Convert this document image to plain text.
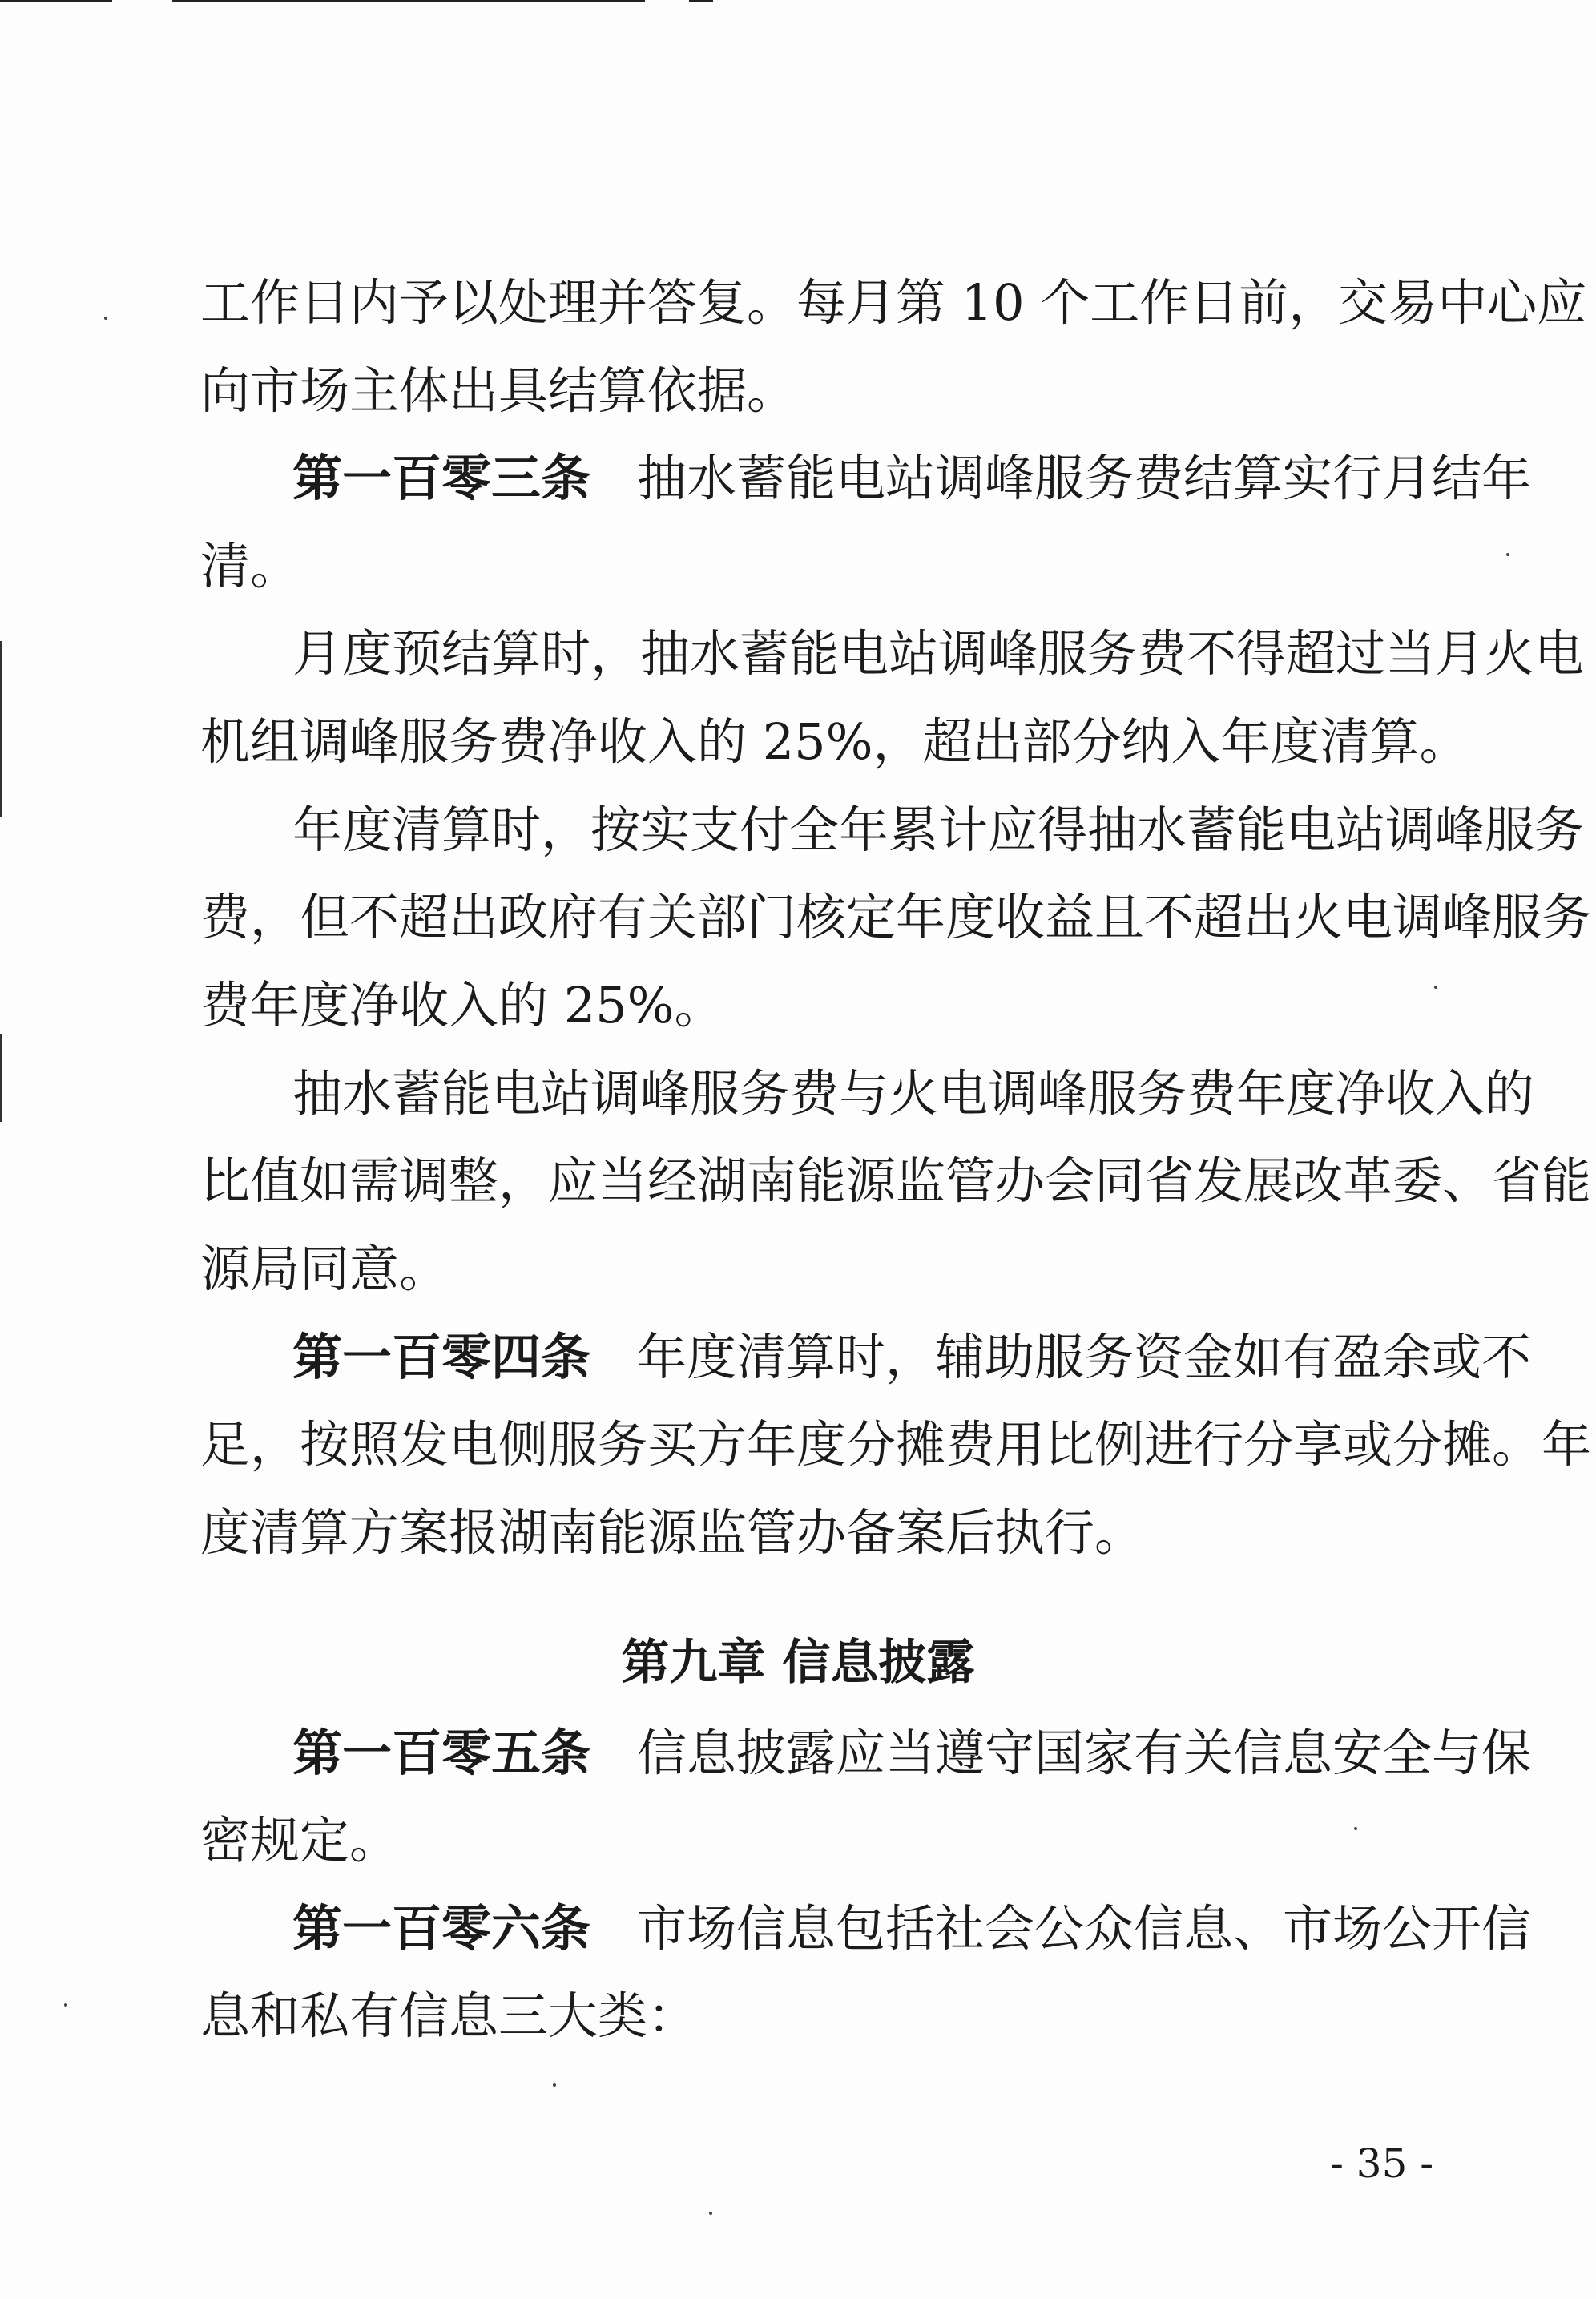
工作日内予以处理并答复。每月第 10 个工作日前，交易中心应
向市场主体出具结算依据。
第一百零三条 抽水蓄能电站调峰服务费结算实行月结年
清。
月度预结算时，抽水蓄能电站调峰服务费不得超过当月火电
机组调峰服务费净收入的 25%，超出部分纳入年度清算。
年度清算时，按实支付全年累计应得抽水蓄能电站调峰服务
费，但不超出政府有关部门核定年度收益且不超出火电调峰服务
费年度净收入的 25%。
抽水蓄能电站调峰服务费与火电调峰服务费年度净收入的
比值如需调整，应当经湖南能源监管办会同省发展改革委、省能
源局同意。
第一百零四条 年度清算时，辅助服务资金如有盈余或不
足，按照发电侧服务买方年度分摊费用比例进行分享或分摊。年
度清算方案报湖南能源监管办备案后执行。
第九章 信息披露
第一百零五条 信息披露应当遵守国家有关信息安全与保
密规定。
第一百零六条 市场信息包括社会公众信息、市场公开信
息和私有信息三大类：
- 35 -
